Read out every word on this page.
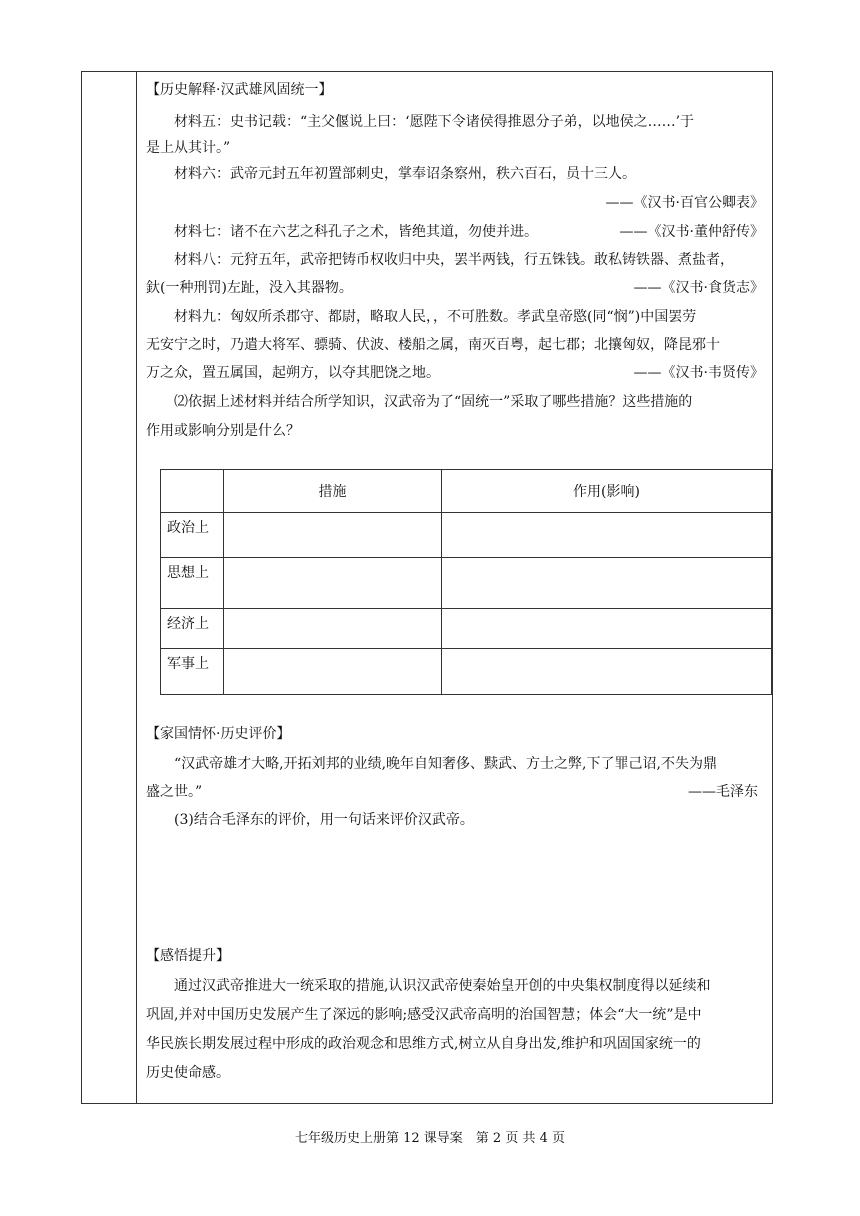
【历史解释·汉武雄风固统一】
材料五：史书记载：“主父偃说上曰：‘愿陛下令诸侯得推恩分子弟，以地侯之……’于
是上从其计。”
材料六：武帝元封五年初置部刺史，掌奉诏条察州，秩六百石，员十三人。
——《汉书·百官公卿表》
材料七：诸不在六艺之科孔子之术，皆绝其道，勿使并进。	——《汉书·董仲舒传》
材料八：元狩五年，武帝把铸币权收归中央，罢半两钱，行五铢钱。敢私铸铁器、煮盐者，
釱(一种刑罚)左趾，没入其器物。	——《汉书·食货志》
材料九：匈奴所杀郡守、都尉，略取人民，，不可胜数。孝武皇帝愍(同“悯”)中国罢劳
无安宁之时，乃遣大将军、骠骑、伏波、楼船之属，南灭百粤，起七郡；北攘匈奴，降昆邪十
万之众，置五属国，起朔方，以夺其肥饶之地。	——《汉书·韦贤传》
⑵依据上述材料并结合所学知识，汉武帝为了“固统一”采取了哪些措施？这些措施的
作用或影响分别是什么？
	措施	作用(影响)
政治上		
思想上		
经济上		
军事上		
【家国情怀·历史评价】
“汉武帝雄才大略,开拓刘邦的业绩,晚年自知奢侈、黩武、方士之弊,下了罪己诏,不失为鼎
盛之世。”	——毛泽东
(3)结合毛泽东的评价，用一句话来评价汉武帝。
【感悟提升】
通过汉武帝推进大一统采取的措施,认识汉武帝使秦始皇开创的中央集权制度得以延续和
巩固,并对中国历史发展产生了深远的影响;感受汉武帝高明的治国智慧；体会“大一统”是中
华民族长期发展过程中形成的政治观念和思维方式,树立从自身出发,维护和巩固国家统一的
历史使命感。
七年级历史上册第 12 课导案　第 2 页 共 4 页
